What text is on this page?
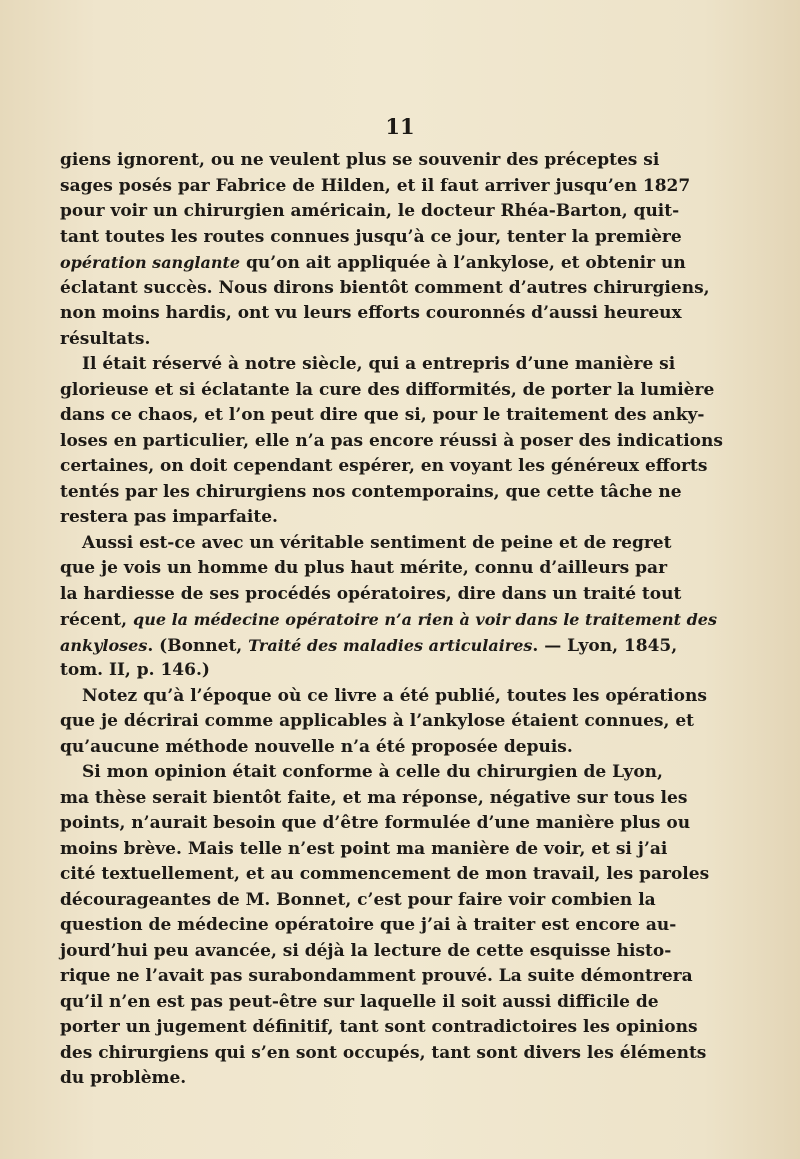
11
giens ignorent, ou ne veulent plus se souvenir des préceptes si
sages posés par Fabrice de Hilden, et il faut arriver jusqu’en 1827
pour voir un chirurgien américain, le docteur Rhéa-Barton, quit-
tant toutes les routes connues jusqu’à ce jour, tenter la première
opération sanglante qu’on ait appliquée à l’ankylose, et obtenir un
éclatant succès. Nous dirons bientôt comment d’autres chirurgiens,
non moins hardis, ont vu leurs efforts couronnés d’aussi heureux
résultats.
Il était réservé à notre siècle, qui a entrepris d’une manière si
glorieuse et si éclatante la cure des difformités, de porter la lumière
dans ce chaos, et l’on peut dire que si, pour le traitement des anky-
loses en particulier, elle n’a pas encore réussi à poser des indications
certaines, on doit cependant espérer, en voyant les généreux efforts
tentés par les chirurgiens nos contemporains, que cette tâche ne
restera pas imparfaite.
Aussi est-ce avec un véritable sentiment de peine et de regret
que je vois un homme du plus haut mérite, connu d’ailleurs par
la hardiesse de ses procédés opératoires, dire dans un traité tout
récent, que la médecine opératoire n’a rien à voir dans le traitement des
ankyloses. (Bonnet, Traité des maladies articulaires. — Lyon, 1845,
tom. II, p. 146.)
Notez qu’à l’époque où ce livre a été publié, toutes les opérations
que je décrirai comme applicables à l’ankylose étaient connues, et
qu’aucune méthode nouvelle n’a été proposée depuis.
Si mon opinion était conforme à celle du chirurgien de Lyon,
ma thèse serait bientôt faite, et ma réponse, négative sur tous les
points, n’aurait besoin que d’être formulée d’une manière plus ou
moins brève. Mais telle n’est point ma manière de voir, et si j’ai
cité textuellement, et au commencement de mon travail, les paroles
décourageantes de M. Bonnet, c’est pour faire voir combien la
question de médecine opératoire que j’ai à traiter est encore au-
jourd’hui peu avancée, si déjà la lecture de cette esquisse histo-
rique ne l’avait pas surabondamment prouvé. La suite démontrera
qu’il n’en est pas peut-être sur laquelle il soit aussi difficile de
porter un jugement définitif, tant sont contradictoires les opinions
des chirurgiens qui s’en sont occupés, tant sont divers les éléments
du problème.
